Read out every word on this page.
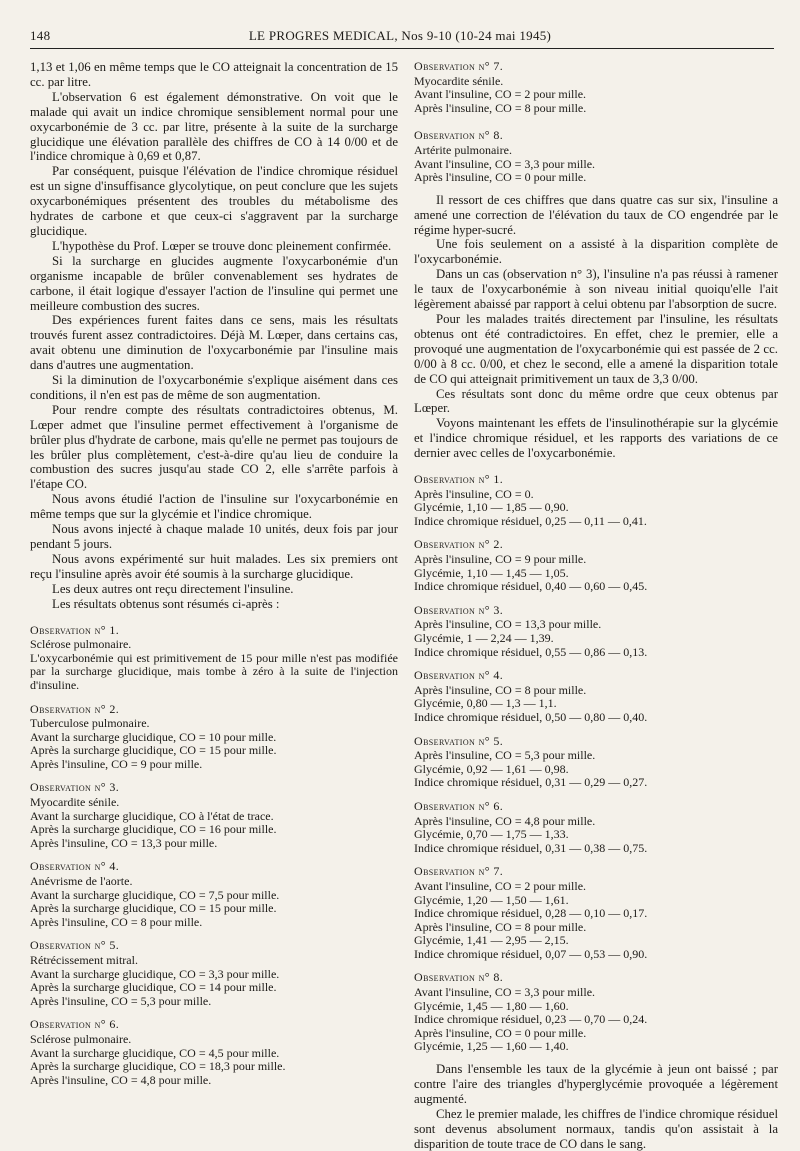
148	LE PROGRES MEDICAL, Nos 9-10 (10-24 mai 1945)

1,13 et 1,06 en même temps que le CO atteignait la concentration de 15 cc. par litre.

L'observation 6 est également démonstrative. On voit que le malade qui avait un indice chromique sensiblement normal pour une oxycarbonémie de 3 cc. par litre, présente à la suite de la surcharge glucidique une élévation parallèle des chiffres de CO à 14 0/00 et de l'indice chromique à 0,69 et 0,87.

Par conséquent, puisque l'élévation de l'indice chromique résiduel est un signe d'insuffisance glycolytique, on peut conclure que les sujets oxycarbonémiques présentent des troubles du métabolisme des hydrates de carbone et que ceux-ci s'aggravent par la surcharge glucidique.

L'hypothèse du Prof. Lœper se trouve donc pleinement confirmée.

Si la surcharge en glucides augmente l'oxycarbonémie d'un organisme incapable de brûler convenablement ses hydrates de carbone, il était logique d'essayer l'action de l'insuline qui permet une meilleure combustion des sucres.

Des expériences furent faites dans ce sens, mais les résultats trouvés furent assez contradictoires. Déjà M. Lœper, dans certains cas, avait obtenu une diminution de l'oxycarbonémie par l'insuline mais dans d'autres une augmentation.

Si la diminution de l'oxycarbonémie s'explique aisément dans ces conditions, il n'en est pas de même de son augmentation.

Pour rendre compte des résultats contradictoires obtenus, M. Lœper admet que l'insuline permet effectivement à l'organisme de brûler plus d'hydrate de carbone, mais qu'elle ne permet pas toujours de les brûler plus complètement, c'est-à-dire qu'au lieu de conduire la combustion des sucres jusqu'au stade CO 2, elle s'arrête parfois à l'étape CO.

Nous avons étudié l'action de l'insuline sur l'oxycarbonémie en même temps que sur la glycémie et l'indice chromique.

Nous avons injecté à chaque malade 10 unités, deux fois par jour pendant 5 jours.

Nous avons expérimenté sur huit malades. Les six premiers ont reçu l'insuline après avoir été soumis à la surcharge glucidique.

Les deux autres ont reçu directement l'insuline.

Les résultats obtenus sont résumés ci-après :

Observation n° 1.
Sclérose pulmonaire.
L'oxycarbonémie qui est primitivement de 15 pour mille n'est pas modifiée par la surcharge glucidique, mais tombe à zéro à la suite de l'injection d'insuline.
Observation n° 2.
Tuberculose pulmonaire.
Avant la surcharge glucidique, CO = 10 pour mille.
Après la surcharge glucidique, CO = 15 pour mille.
Après l'insuline, CO = 9 pour mille.
Observation n° 3.
Myocardite sénile.
Avant la surcharge glucidique, CO à l'état de trace.
Après la surcharge glucidique, CO = 16 pour mille.
Après l'insuline, CO = 13,3 pour mille.
Observation n° 4.
Anévrisme de l'aorte.
Avant la surcharge glucidique, CO = 7,5 pour mille.
Après la surcharge glucidique, CO = 15 pour mille.
Après l'insuline, CO = 8 pour mille.
Observation n° 5.
Rétrécissement mitral.
Avant la surcharge glucidique, CO = 3,3 pour mille.
Après la surcharge glucidique, CO = 14 pour mille.
Après l'insuline, CO = 5,3 pour mille.
Observation n° 6.
Sclérose pulmonaire.
Avant la surcharge glucidique, CO = 4,5 pour mille.
Après la surcharge glucidique, CO = 18,3 pour mille.
Après l'insuline, CO = 4,8 pour mille.
Observation n° 7.
Myocardite sénile.
Avant l'insuline, CO = 2 pour mille.
Après l'insuline, CO = 8 pour mille.
Observation n° 8.
Artérite pulmonaire.
Avant l'insuline, CO = 3,3 pour mille.
Après l'insuline, CO = 0 pour mille.

Il ressort de ces chiffres que dans quatre cas sur six, l'insuline a amené une correction de l'élévation du taux de CO engendrée par le régime hyper-sucré.

Une fois seulement on a assisté à la disparition complète de l'oxycarbonémie.

Dans un cas (observation n° 3), l'insuline n'a pas réussi à ramener le taux de l'oxycarbonémie à son niveau initial quoiqu'elle l'ait légèrement abaissé par rapport à celui obtenu par l'absorption de sucre.

Pour les malades traités directement par l'insuline, les résultats obtenus ont été contradictoires. En effet, chez le premier, elle a provoqué une augmentation de l'oxycarbonémie qui est passée de 2 cc. 0/00 à 8 cc. 0/00, et chez le second, elle a amené la disparition totale de CO qui atteignait primitivement un taux de 3,3 0/00.

Ces résultats sont donc du même ordre que ceux obtenus par Lœper.

Voyons maintenant les effets de l'insulinothérapie sur la glycémie et l'indice chromique résiduel, et les rapports des variations de ce dernier avec celles de l'oxycarbonémie.

Observation n° 1.
Après l'insuline, CO = 0.
Glycémie, 1,10 — 1,85 — 0,90.
Indice chromique résiduel, 0,25 — 0,11 — 0,41.
Observation n° 2.
Après l'insuline, CO = 9 pour mille.
Glycémie, 1,10 — 1,45 — 1,05.
Indice chromique résiduel, 0,40 — 0,60 — 0,45.
Observation n° 3.
Après l'insuline, CO = 13,3 pour mille.
Glycémie, 1 — 2,24 — 1,39.
Indice chromique résiduel, 0,55 — 0,86 — 0,13.
Observation n° 4.
Après l'insuline, CO = 8 pour mille.
Glycémie, 0,80 — 1,3 — 1,1.
Indice chromique résiduel, 0,50 — 0,80 — 0,40.
Observation n° 5.
Après l'insuline, CO = 5,3 pour mille.
Glycémie, 0,92 — 1,61 — 0,98.
Indice chromique résiduel, 0,31 — 0,29 — 0,27.
Observation n° 6.
Après l'insuline, CO = 4,8 pour mille.
Glycémie, 0,70 — 1,75 — 1,33.
Indice chromique résiduel, 0,31 — 0,38 — 0,75.
Observation n° 7.
Avant l'insuline, CO = 2 pour mille.
Glycémie, 1,20 — 1,50 — 1,61.
Indice chromique résiduel, 0,28 — 0,10 — 0,17.
Après l'insuline, CO = 8 pour mille.
Glycémie, 1,41 — 2,95 — 2,15.
Indice chromique résiduel, 0,07 — 0,53 — 0,90.
Observation n° 8.
Avant l'insuline, CO = 3,3 pour mille.
Glycémie, 1,45 — 1,80 — 1,60.
Indice chromique résiduel, 0,23 — 0,70 — 0,24.
Après l'insuline, CO = 0 pour mille.
Glycémie, 1,25 — 1,60 — 1,40.

Dans l'ensemble les taux de la glycémie à jeun ont baissé ; par contre l'aire des triangles d'hyperglycémie provoquée a légèrement augmenté.

Chez le premier malade, les chiffres de l'indice chromique résiduel sont devenus absolument normaux, tandis qu'on assistait à la disparition de toute trace de CO dans le sang.
